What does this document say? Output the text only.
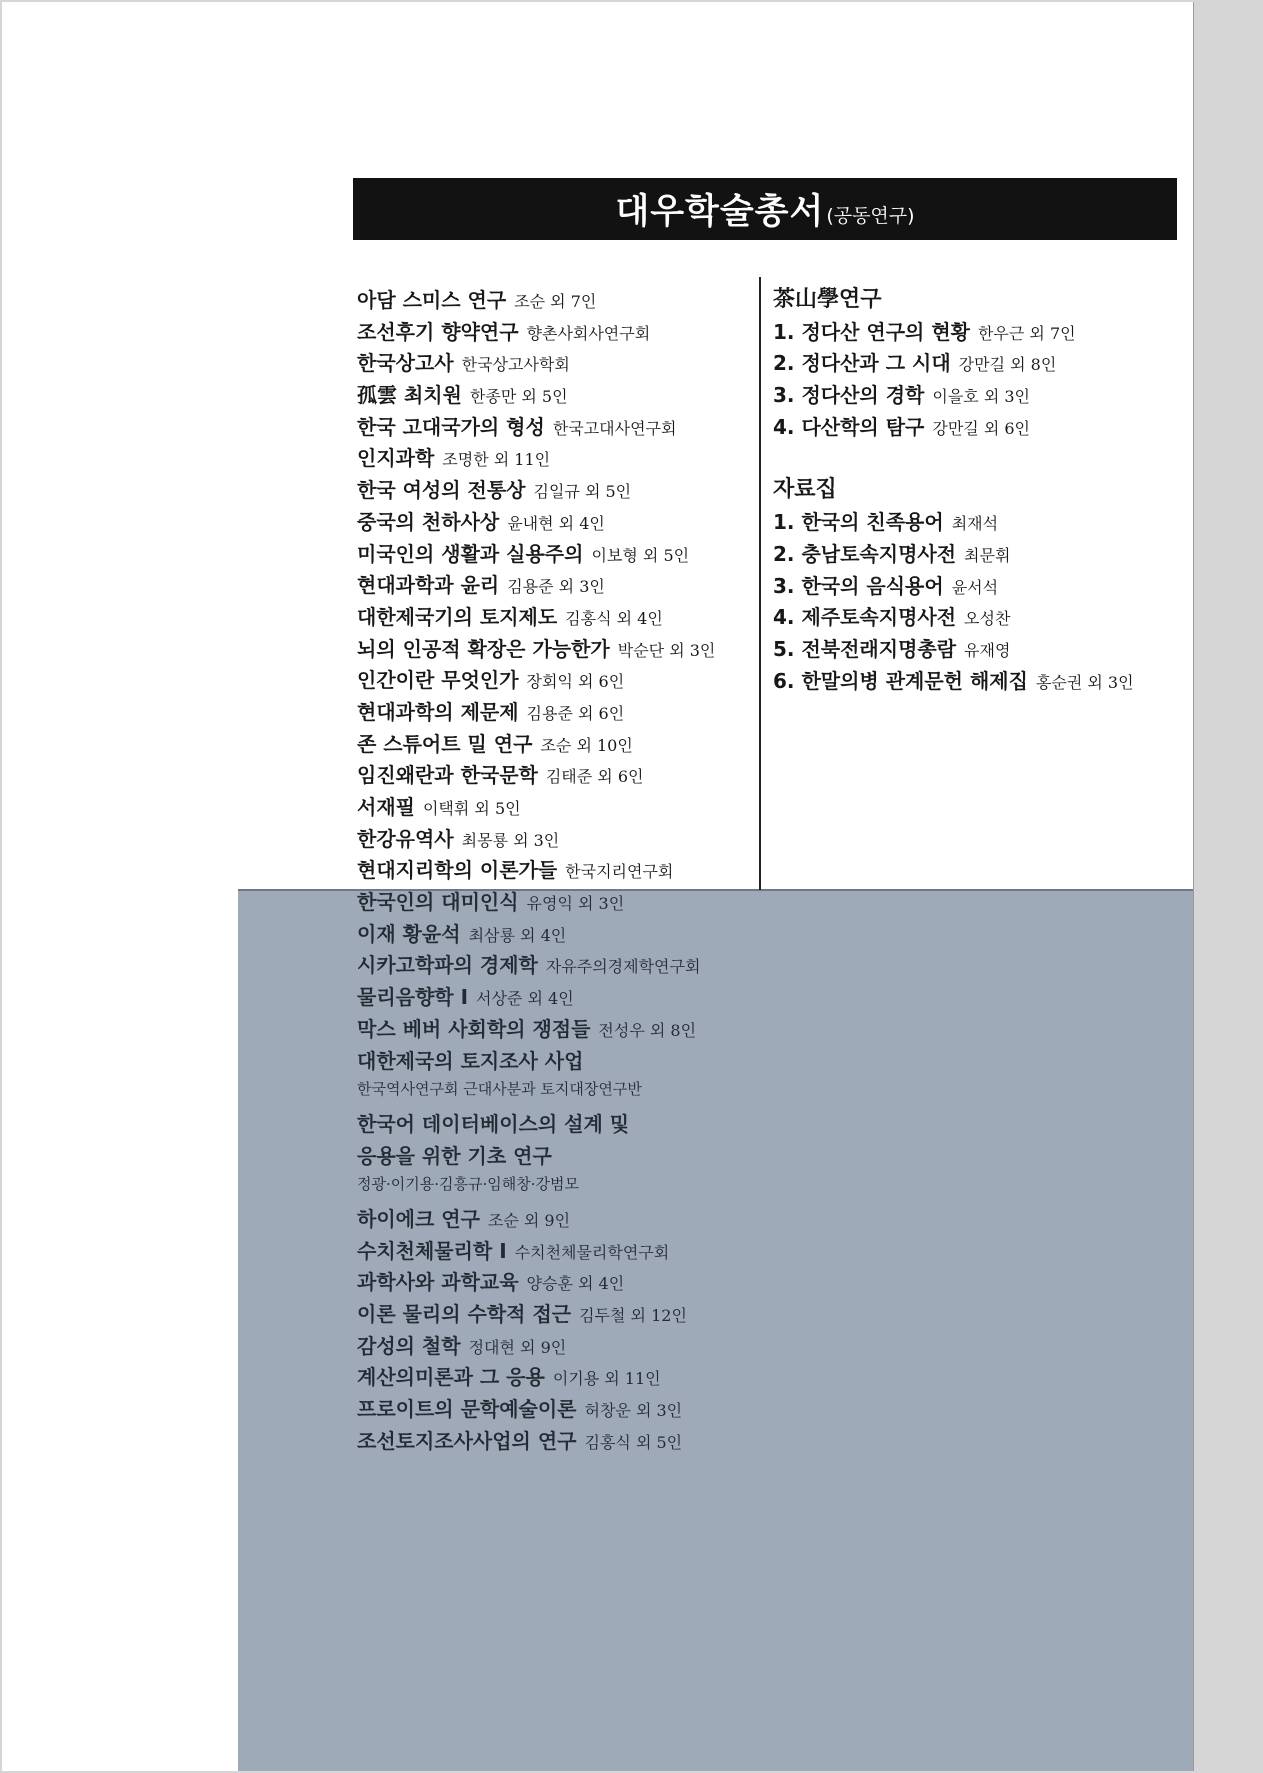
대우학술총서 (공동연구)
아담 스미스 연구 조순 외 7인
조선후기 향약연구 향촌사회사연구회
한국상고사 한국상고사학회
孤雲 최치원 한종만 외 5인
한국 고대국가의 형성 한국고대사연구회
인지과학 조명한 외 11인
한국 여성의 전통상 김일규 외 5인
중국의 천하사상 윤내현 외 4인
미국인의 생활과 실용주의 이보형 외 5인
현대과학과 윤리 김용준 외 3인
대한제국기의 토지제도 김홍식 외 4인
뇌의 인공적 확장은 가능한가 박순단 외 3인
인간이란 무엇인가 장회익 외 6인
현대과학의 제문제 김용준 외 6인
존 스튜어트 밀 연구 조순 외 10인
임진왜란과 한국문학 김태준 외 6인
서재필 이택휘 외 5인
한강유역사 최몽룡 외 3인
현대지리학의 이론가들 한국지리연구회
한국인의 대미인식 유영익 외 3인
이재 황윤석 최삼룡 외 4인
시카고학파의 경제학 자유주의경제학연구회
물리음향학 I 서상준 외 4인
막스 베버 사회학의 쟁점들 전성우 외 8인
대한제국의 토지조사 사업
한국역사연구회 근대사분과 토지대장연구반
한국어 데이터베이스의 설계 및
응용을 위한 기초 연구
정광·이기용·김흥규·임해창·강범모
하이에크 연구 조순 외 9인
수치천체물리학 I 수치천체물리학연구회
과학사와 과학교육 양승훈 외 4인
이론 물리의 수학적 접근 김두철 외 12인
감성의 철학 정대현 외 9인
계산의미론과 그 응용 이기용 외 11인
프로이트의 문학예술이론 허창운 외 3인
조선토지조사사업의 연구 김홍식 외 5인
茶山學연구
1. 정다산 연구의 현황 한우근 외 7인
2. 정다산과 그 시대 강만길 외 8인
3. 정다산의 경학 이을호 외 3인
4. 다산학의 탐구 강만길 외 6인
자료집
1. 한국의 친족용어 최재석
2. 충남토속지명사전 최문휘
3. 한국의 음식용어 윤서석
4. 제주토속지명사전 오성찬
5. 전북전래지명총람 유재영
6. 한말의병 관계문헌 해제집 홍순권 외 3인
